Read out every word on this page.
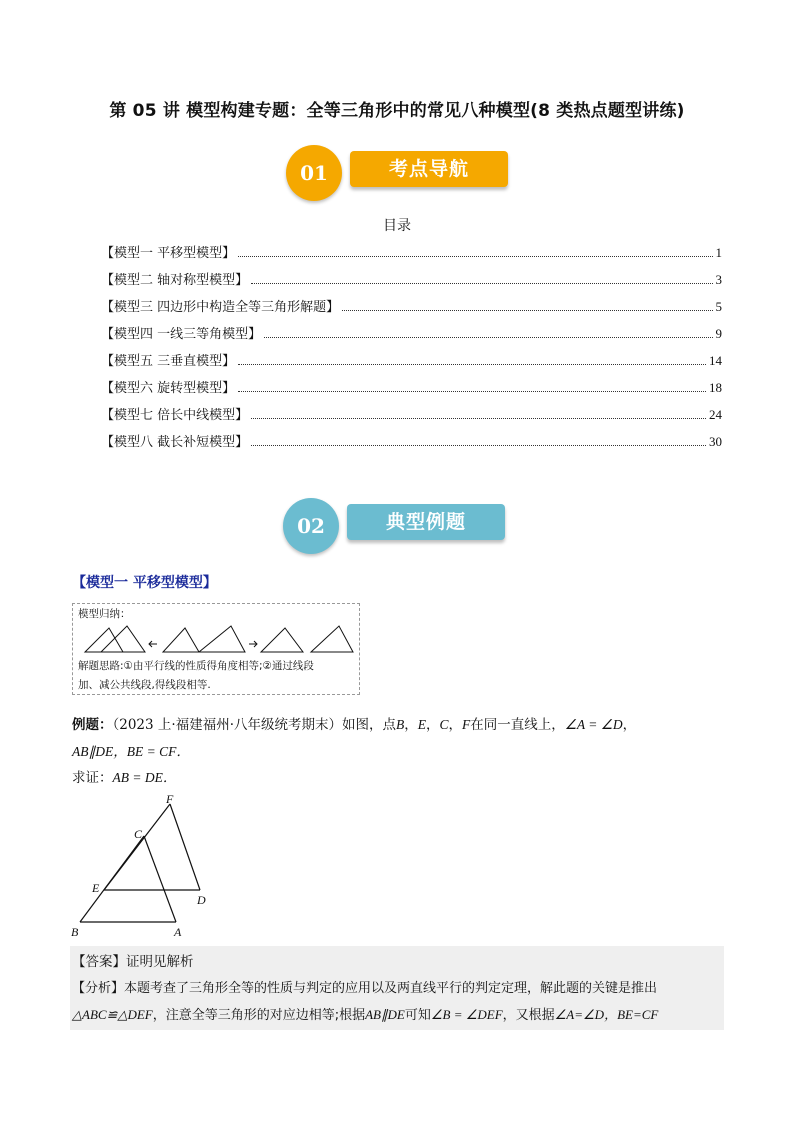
第 05 讲 模型构建专题：全等三角形中的常见八种模型(8 类热点题型讲练)
考点导航
01
目录
【模型一 平移型模型】	1
【模型二 轴对称型模型】	3
【模型三 四边形中构造全等三角形解题】	5
【模型四 一线三等角模型】	9
【模型五 三垂直模型】	14
【模型六 旋转型模型】	18
【模型七 倍长中线模型】	24
【模型八 截长补短模型】	30
典型例题
02
【模型一 平移型模型】
模型归纳：
解题思路:①由平行线的性质得角度相等;②通过线段
加、减公共线段,得线段相等.
例题：（2023 上·福建福州·八年级统考期末）如图，点B，E，C，F在同一直线上，∠A = ∠D，
AB∥DE，BE = CF．
求证：AB = DE．
B	A
C
E
D
F
【答案】证明见解析
【分析】本题考查了三角形全等的性质与判定的应用以及两直线平行的判定定理，解此题的关键是推出
△ABC≌△DEF，注意全等三角形的对应边相等;根据AB∥DE可知∠B = ∠DEF，又根据∠A=∠D，BE=CF
